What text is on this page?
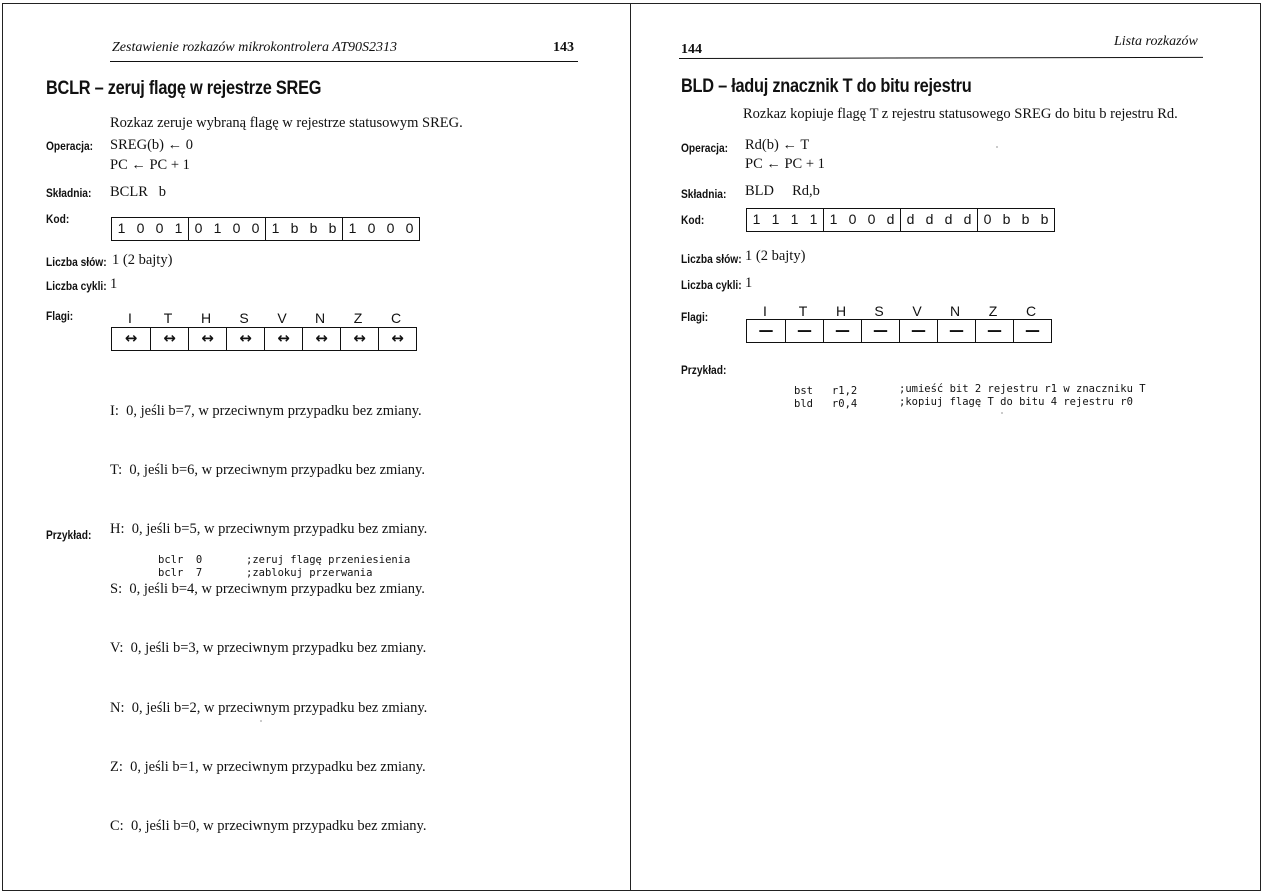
Zestawienie rozkazów mikrokontrolera AT90S2313	143
BCLR – zeruj flagę w rejestrze SREG
Rozkaz zeruje wybraną flagę w rejestrze statusowym SREG.
Operacja: SREG(b) ← 0
PC ← PC + 1
Składnia: BCLR   b
Kod:
1 0 0 1 0 1 0 0 1 b b b 1 0 0 0
Liczba słów: 1 (2 bajty)
Liczba cykli: 1
Flagi:	I	T	H	S	V	N	Z	C
↔	↔	↔	↔	↔	↔	↔	↔

I:  0, jeśli b=7, w przeciwnym przypadku bez zmiany.

T:  0, jeśli b=6, w przeciwnym przypadku bez zmiany.

H:  0, jeśli b=5, w przeciwnym przypadku bez zmiany.

S:  0, jeśli b=4, w przeciwnym przypadku bez zmiany.

V:  0, jeśli b=3, w przeciwnym przypadku bez zmiany.

N:  0, jeśli b=2, w przeciwnym przypadku bez zmiany.

Z:  0, jeśli b=1, w przeciwnym przypadku bez zmiany.

C:  0, jeśli b=0, w przeciwnym przypadku bez zmiany.

Przykład:
bclr  0	;zeruj flagę przeniesienia
bclr  7	;zablokuj przerwania
144
Lista rozkazów
BLD – ładuj znacznik T do bitu rejestru
Rozkaz kopiuje flagę T z rejestru statusowego SREG do bitu b rejestru Rd.
Operacja: Rd(b) ← T
PC ← PC + 1
Składnia: BLD     Rd,b
Kod:	1 1 1 1 1 0 0 d d d d d 0 b b b
Liczba słów: 1 (2 bajty)
Liczba cykli: 1
Flagi:	I	T	H	S	V	N	Z	C
—	—	—	—	—	—	—	—
Przykład:
bst   r1,2	;umieść bit 2 rejestru r1 w znaczniku T
bld   r0,4	;kopiuj flagę T do bitu 4 rejestru r0
